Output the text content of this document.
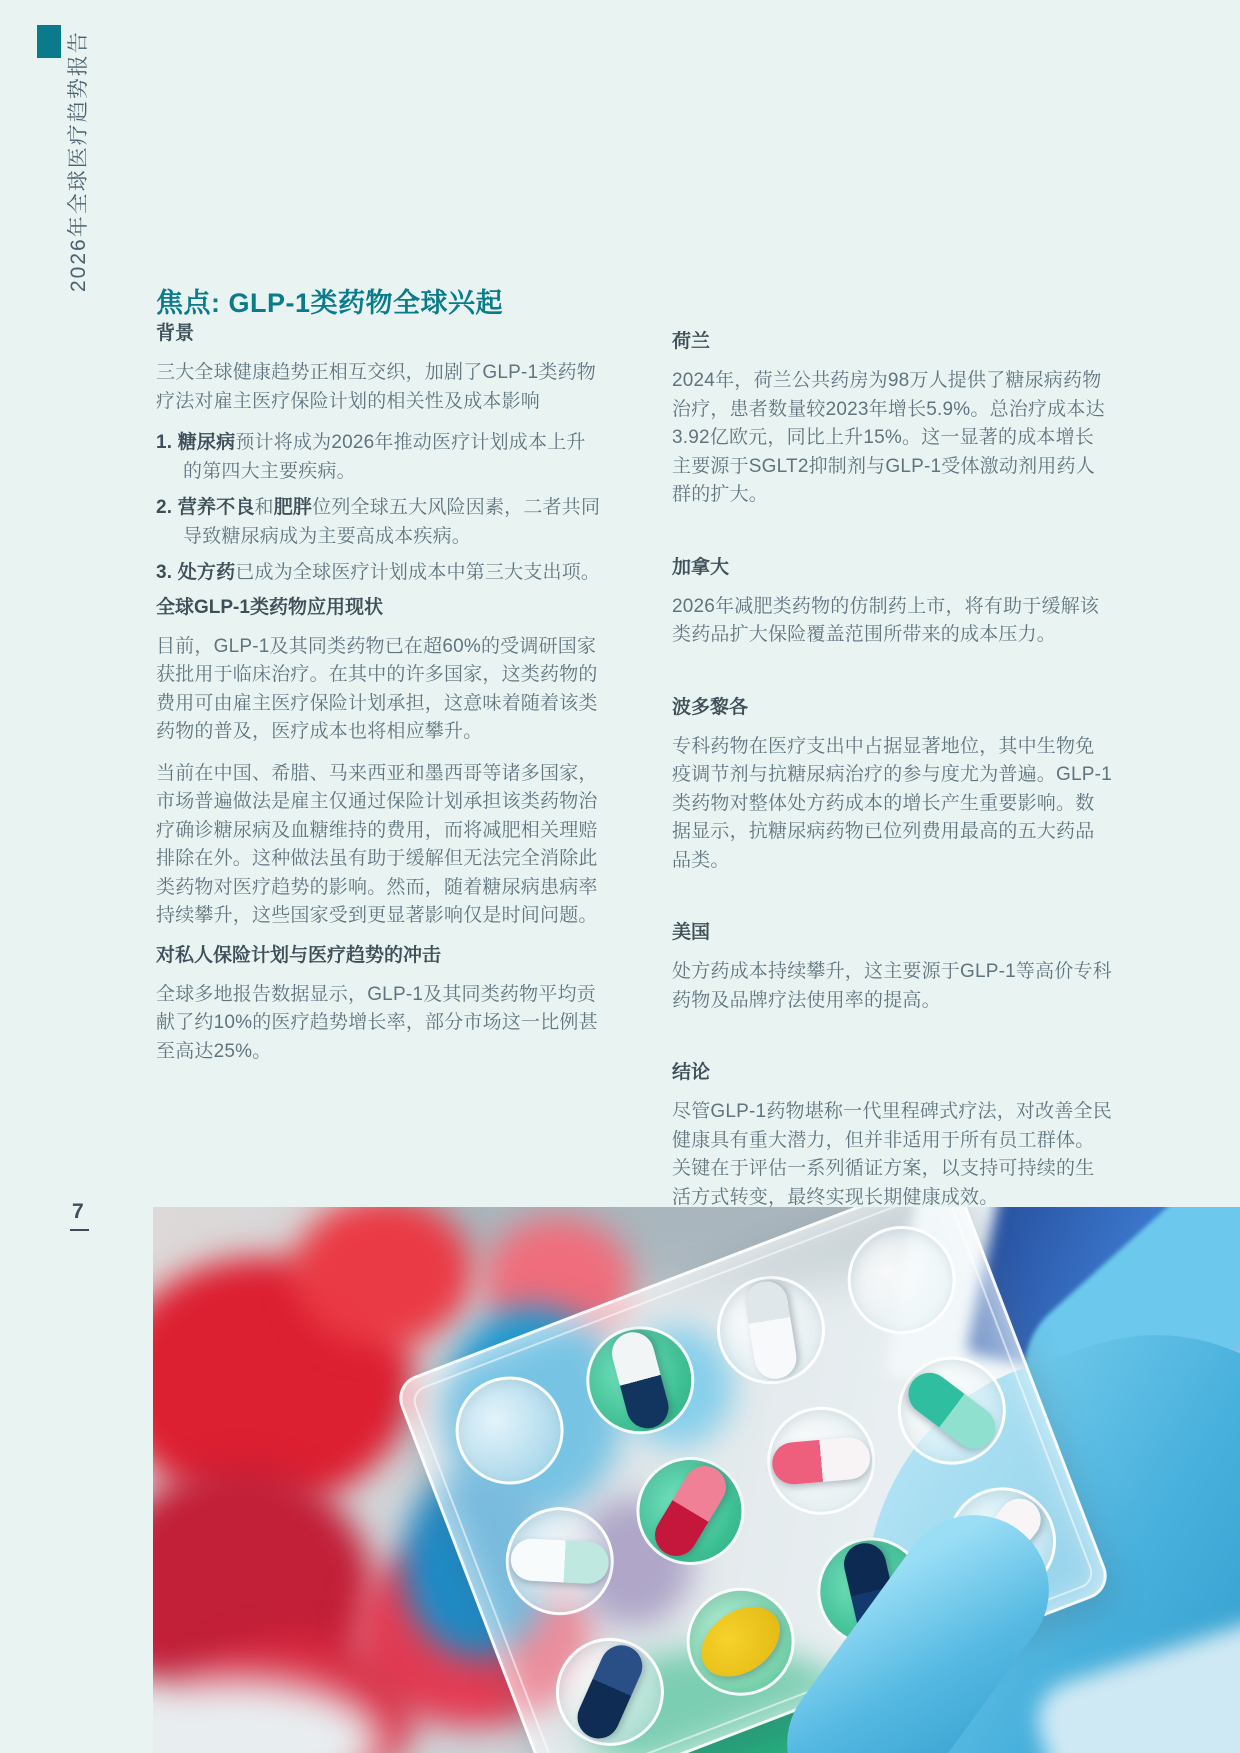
2026年全球医疗趋势报告
焦点: GLP-1类药物全球兴起
背景

三大全球健康趋势正相互交织，加剧了GLP-1类药物疗法对雇主医疗保险计划的相关性及成本影响

1. 糖尿病预计将成为2026年推动医疗计划成本上升的第四大主要疾病。

2. 营养不良和肥胖位列全球五大风险因素，二者共同导致糖尿病成为主要高成本疾病。

3. 处方药已成为全球医疗计划成本中第三大支出项。

全球GLP-1类药物应用现状

目前，GLP-1及其同类药物已在超60%的受调研国家获批用于临床治疗。在其中的许多国家，这类药物的费用可由雇主医疗保险计划承担，这意味着随着该类药物的普及，医疗成本也将相应攀升。

当前在中国、希腊、马来西亚和墨西哥等诸多国家，市场普遍做法是雇主仅通过保险计划承担该类药物治疗确诊糖尿病及血糖维持的费用，而将减肥相关理赔排除在外。这种做法虽有助于缓解但无法完全消除此类药物对医疗趋势的影响。然而，随着糖尿病患病率持续攀升，这些国家受到更显著影响仅是时间问题。

对私人保险计划与医疗趋势的冲击

全球多地报告数据显示，GLP-1及其同类药物平均贡献了约10%的医疗趋势增长率，部分市场这一比例甚至高达25%。

荷兰

2024年，荷兰公共药房为98万人提供了糖尿病药物治疗，患者数量较2023年增长5.9%。总治疗成本达3.92亿欧元，同比上升15%。这一显著的成本增长主要源于SGLT2抑制剂与GLP-1受体激动剂用药人群的扩大。

加拿大

2026年减肥类药物的仿制药上市，将有助于缓解该类药品扩大保险覆盖范围所带来的成本压力。

波多黎各

专科药物在医疗支出中占据显著地位，其中生物免疫调节剂与抗糖尿病治疗的参与度尤为普遍。GLP-1类药物对整体处方药成本的增长产生重要影响。数据显示，抗糖尿病药物已位列费用最高的五大药品品类。

美国

处方药成本持续攀升，这主要源于GLP-1等高价专科药物及品牌疗法使用率的提高。

结论

尽管GLP-1药物堪称一代里程碑式疗法，对改善全民健康具有重大潜力，但并非适用于所有员工群体。关键在于评估一系列循证方案，以支持可持续的生活方式转变，最终实现长期健康成效。

7
